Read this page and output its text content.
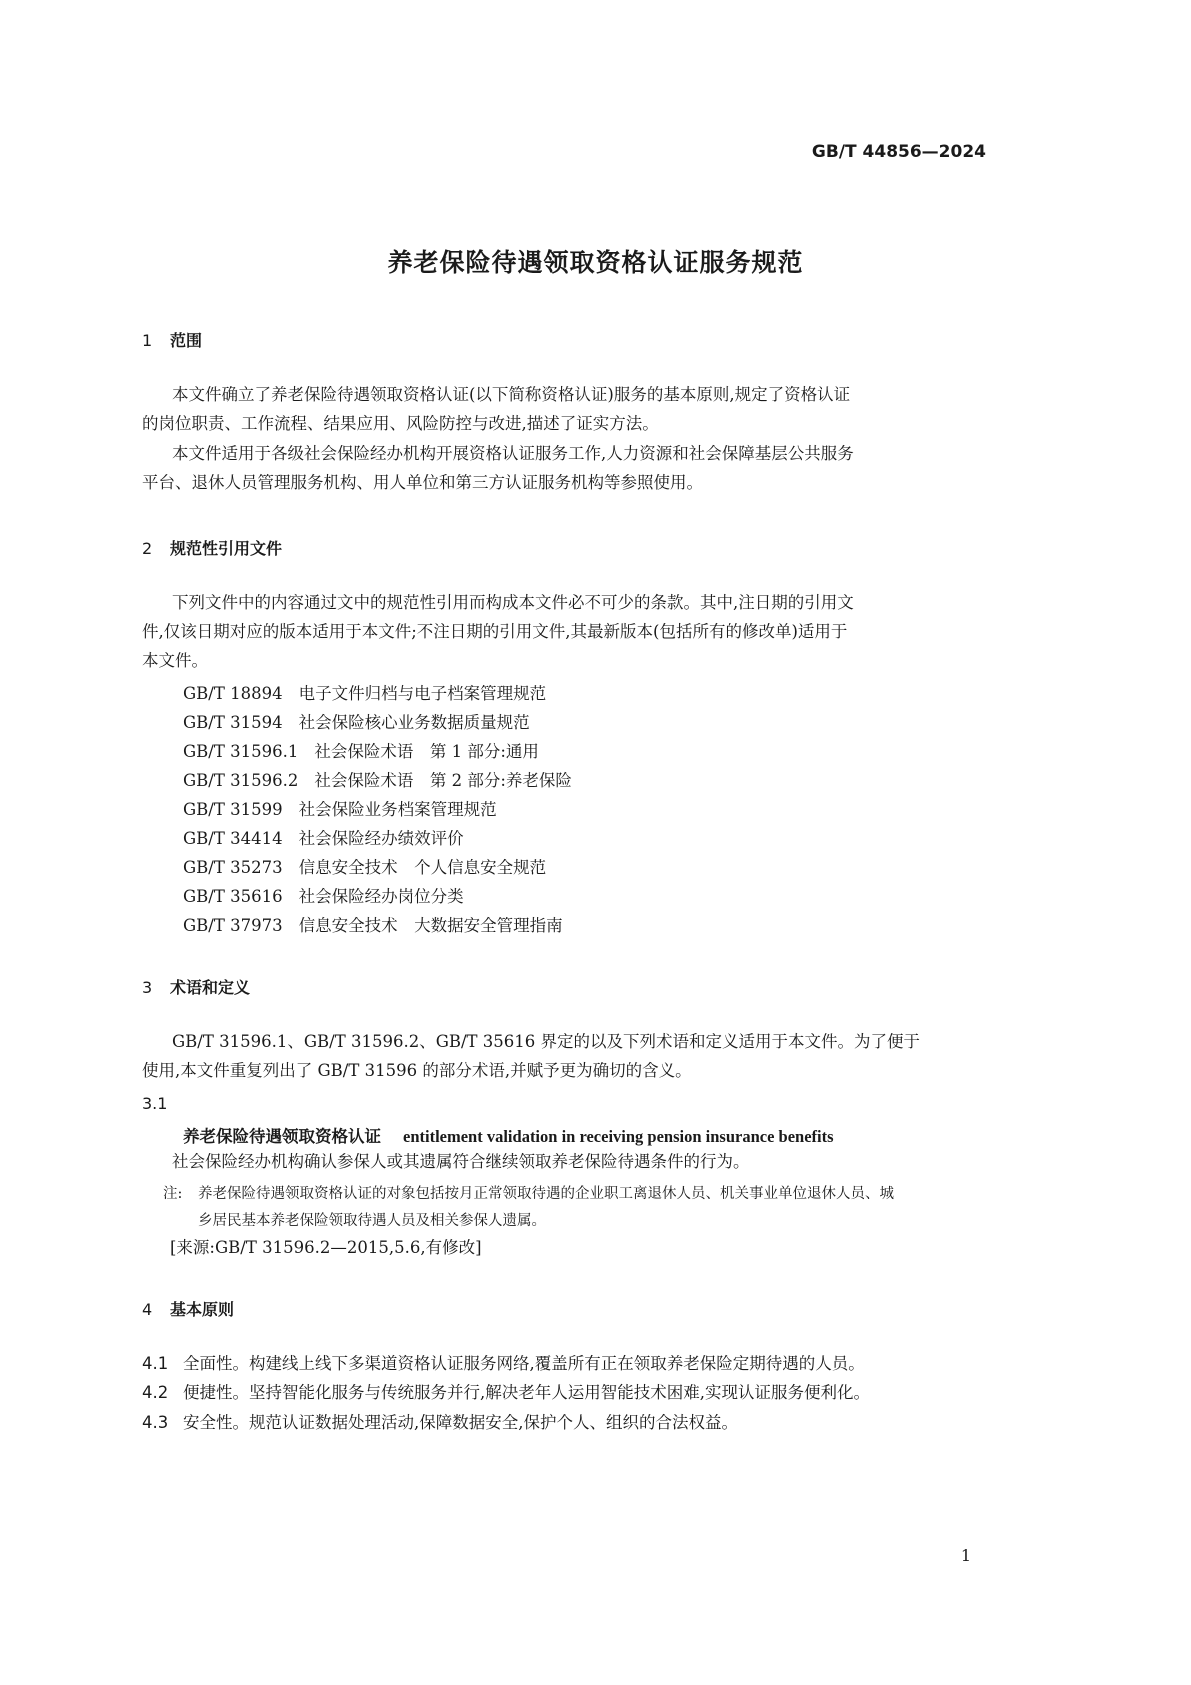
GB/T 44856—2024
养老保险待遇领取资格认证服务规范
1 范围
本文件确立了养老保险待遇领取资格认证(以下简称资格认证)服务的基本原则,规定了资格认证
的岗位职责、工作流程、结果应用、风险防控与改进,描述了证实方法。
本文件适用于各级社会保险经办机构开展资格认证服务工作,人力资源和社会保障基层公共服务
平台、退休人员管理服务机构、用人单位和第三方认证服务机构等参照使用。
2 规范性引用文件
下列文件中的内容通过文中的规范性引用而构成本文件必不可少的条款。其中,注日期的引用文
件,仅该日期对应的版本适用于本文件;不注日期的引用文件,其最新版本(包括所有的修改单)适用于
本文件。
GB/T 18894 电子文件归档与电子档案管理规范
GB/T 31594 社会保险核心业务数据质量规范
GB/T 31596.1 社会保险术语　第 1 部分:通用
GB/T 31596.2 社会保险术语　第 2 部分:养老保险
GB/T 31599 社会保险业务档案管理规范
GB/T 34414 社会保险经办绩效评价
GB/T 35273 信息安全技术　个人信息安全规范
GB/T 35616 社会保险经办岗位分类
GB/T 37973 信息安全技术　大数据安全管理指南
3 术语和定义
GB/T 31596.1、GB/T 31596.2、GB/T 35616 界定的以及下列术语和定义适用于本文件。为了便于
使用,本文件重复列出了 GB/T 31596 的部分术语,并赋予更为确切的含义。
3.1
养老保险待遇领取资格认证 entitlement validation in receiving pension insurance benefits
社会保险经办机构确认参保人或其遗属符合继续领取养老保险待遇条件的行为。
注: 养老保险待遇领取资格认证的对象包括按月正常领取待遇的企业职工离退休人员、机关事业单位退休人员、城
乡居民基本养老保险领取待遇人员及相关参保人遗属。
[来源:GB/T 31596.2—2015,5.6,有修改]
4 基本原则
4.1 全面性。构建线上线下多渠道资格认证服务网络,覆盖所有正在领取养老保险定期待遇的人员。
4.2 便捷性。坚持智能化服务与传统服务并行,解决老年人运用智能技术困难,实现认证服务便利化。
4.3 安全性。规范认证数据处理活动,保障数据安全,保护个人、组织的合法权益。
1
